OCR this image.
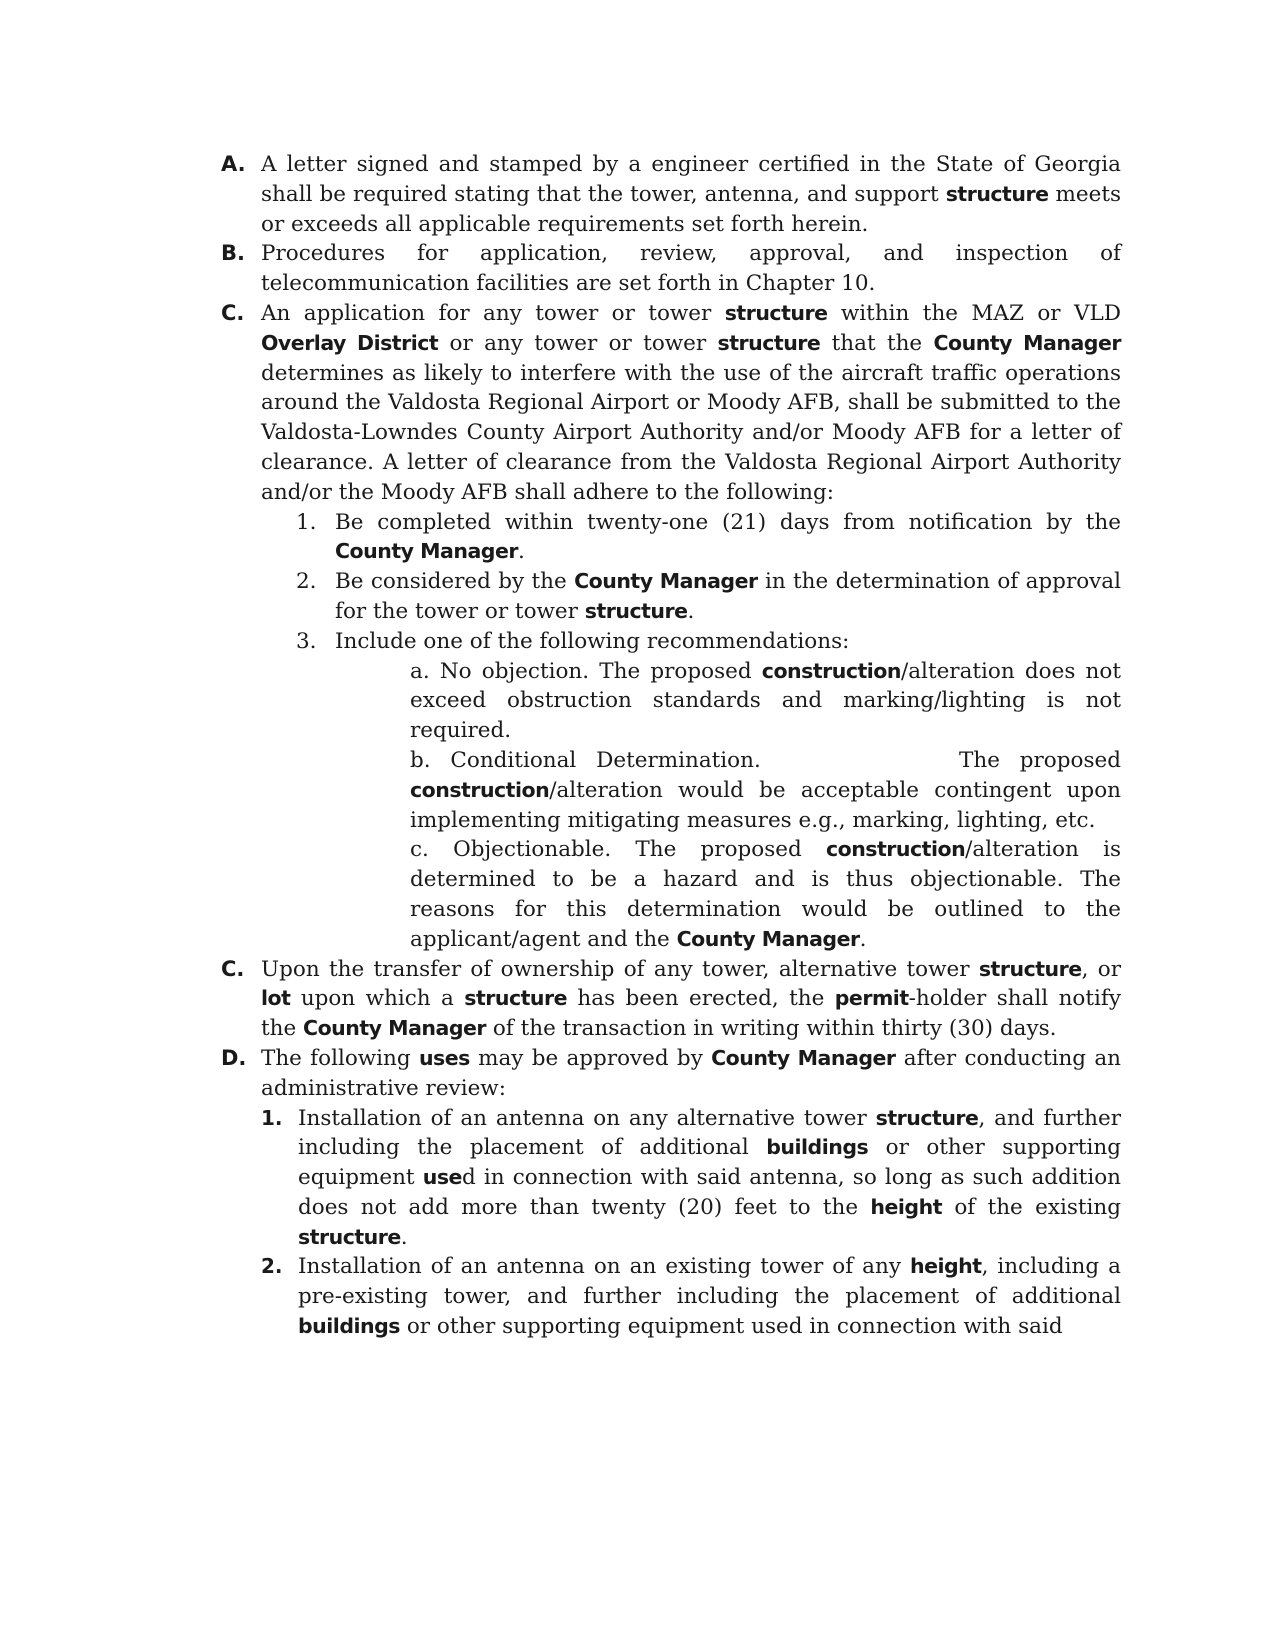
A. A letter signed and stamped by a engineer certified in the State of Georgia shall be required stating that the tower, antenna, and support structure meets or exceeds all applicable requirements set forth herein.
B. Procedures for application, review, approval, and inspection of telecommunication facilities are set forth in Chapter 10.
C. An application for any tower or tower structure within the MAZ or VLD Overlay District or any tower or tower structure that the County Manager determines as likely to interfere with the use of the aircraft traffic operations around the Valdosta Regional Airport or Moody AFB, shall be submitted to the Valdosta-Lowndes County Airport Authority and/or Moody AFB for a letter of clearance. A letter of clearance from the Valdosta Regional Airport Authority and/or the Moody AFB shall adhere to the following:
1. Be completed within twenty-one (21) days from notification by the County Manager.
2. Be considered by the County Manager in the determination of approval for the tower or tower structure.
3. Include one of the following recommendations:
a. No objection. The proposed construction/alteration does not exceed obstruction standards and marking/lighting is not required.
b. Conditional Determination.          The proposed construction/alteration would be acceptable contingent upon implementing mitigating measures e.g., marking, lighting, etc.
c. Objectionable. The proposed construction/alteration is determined to be a hazard and is thus objectionable. The reasons for this determination would be outlined to the applicant/agent and the County Manager.
C. Upon the transfer of ownership of any tower, alternative tower structure, or lot upon which a structure has been erected, the permit-holder shall notify the County Manager of the transaction in writing within thirty (30) days.
D. The following uses may be approved by County Manager after conducting an administrative review:
1. Installation of an antenna on any alternative tower structure, and further including the placement of additional buildings or other supporting equipment used in connection with said antenna, so long as such addition does not add more than twenty (20) feet to the height of the existing structure.
2. Installation of an antenna on an existing tower of any height, including a pre-existing tower, and further including the placement of additional buildings or other supporting equipment used in connection with said
